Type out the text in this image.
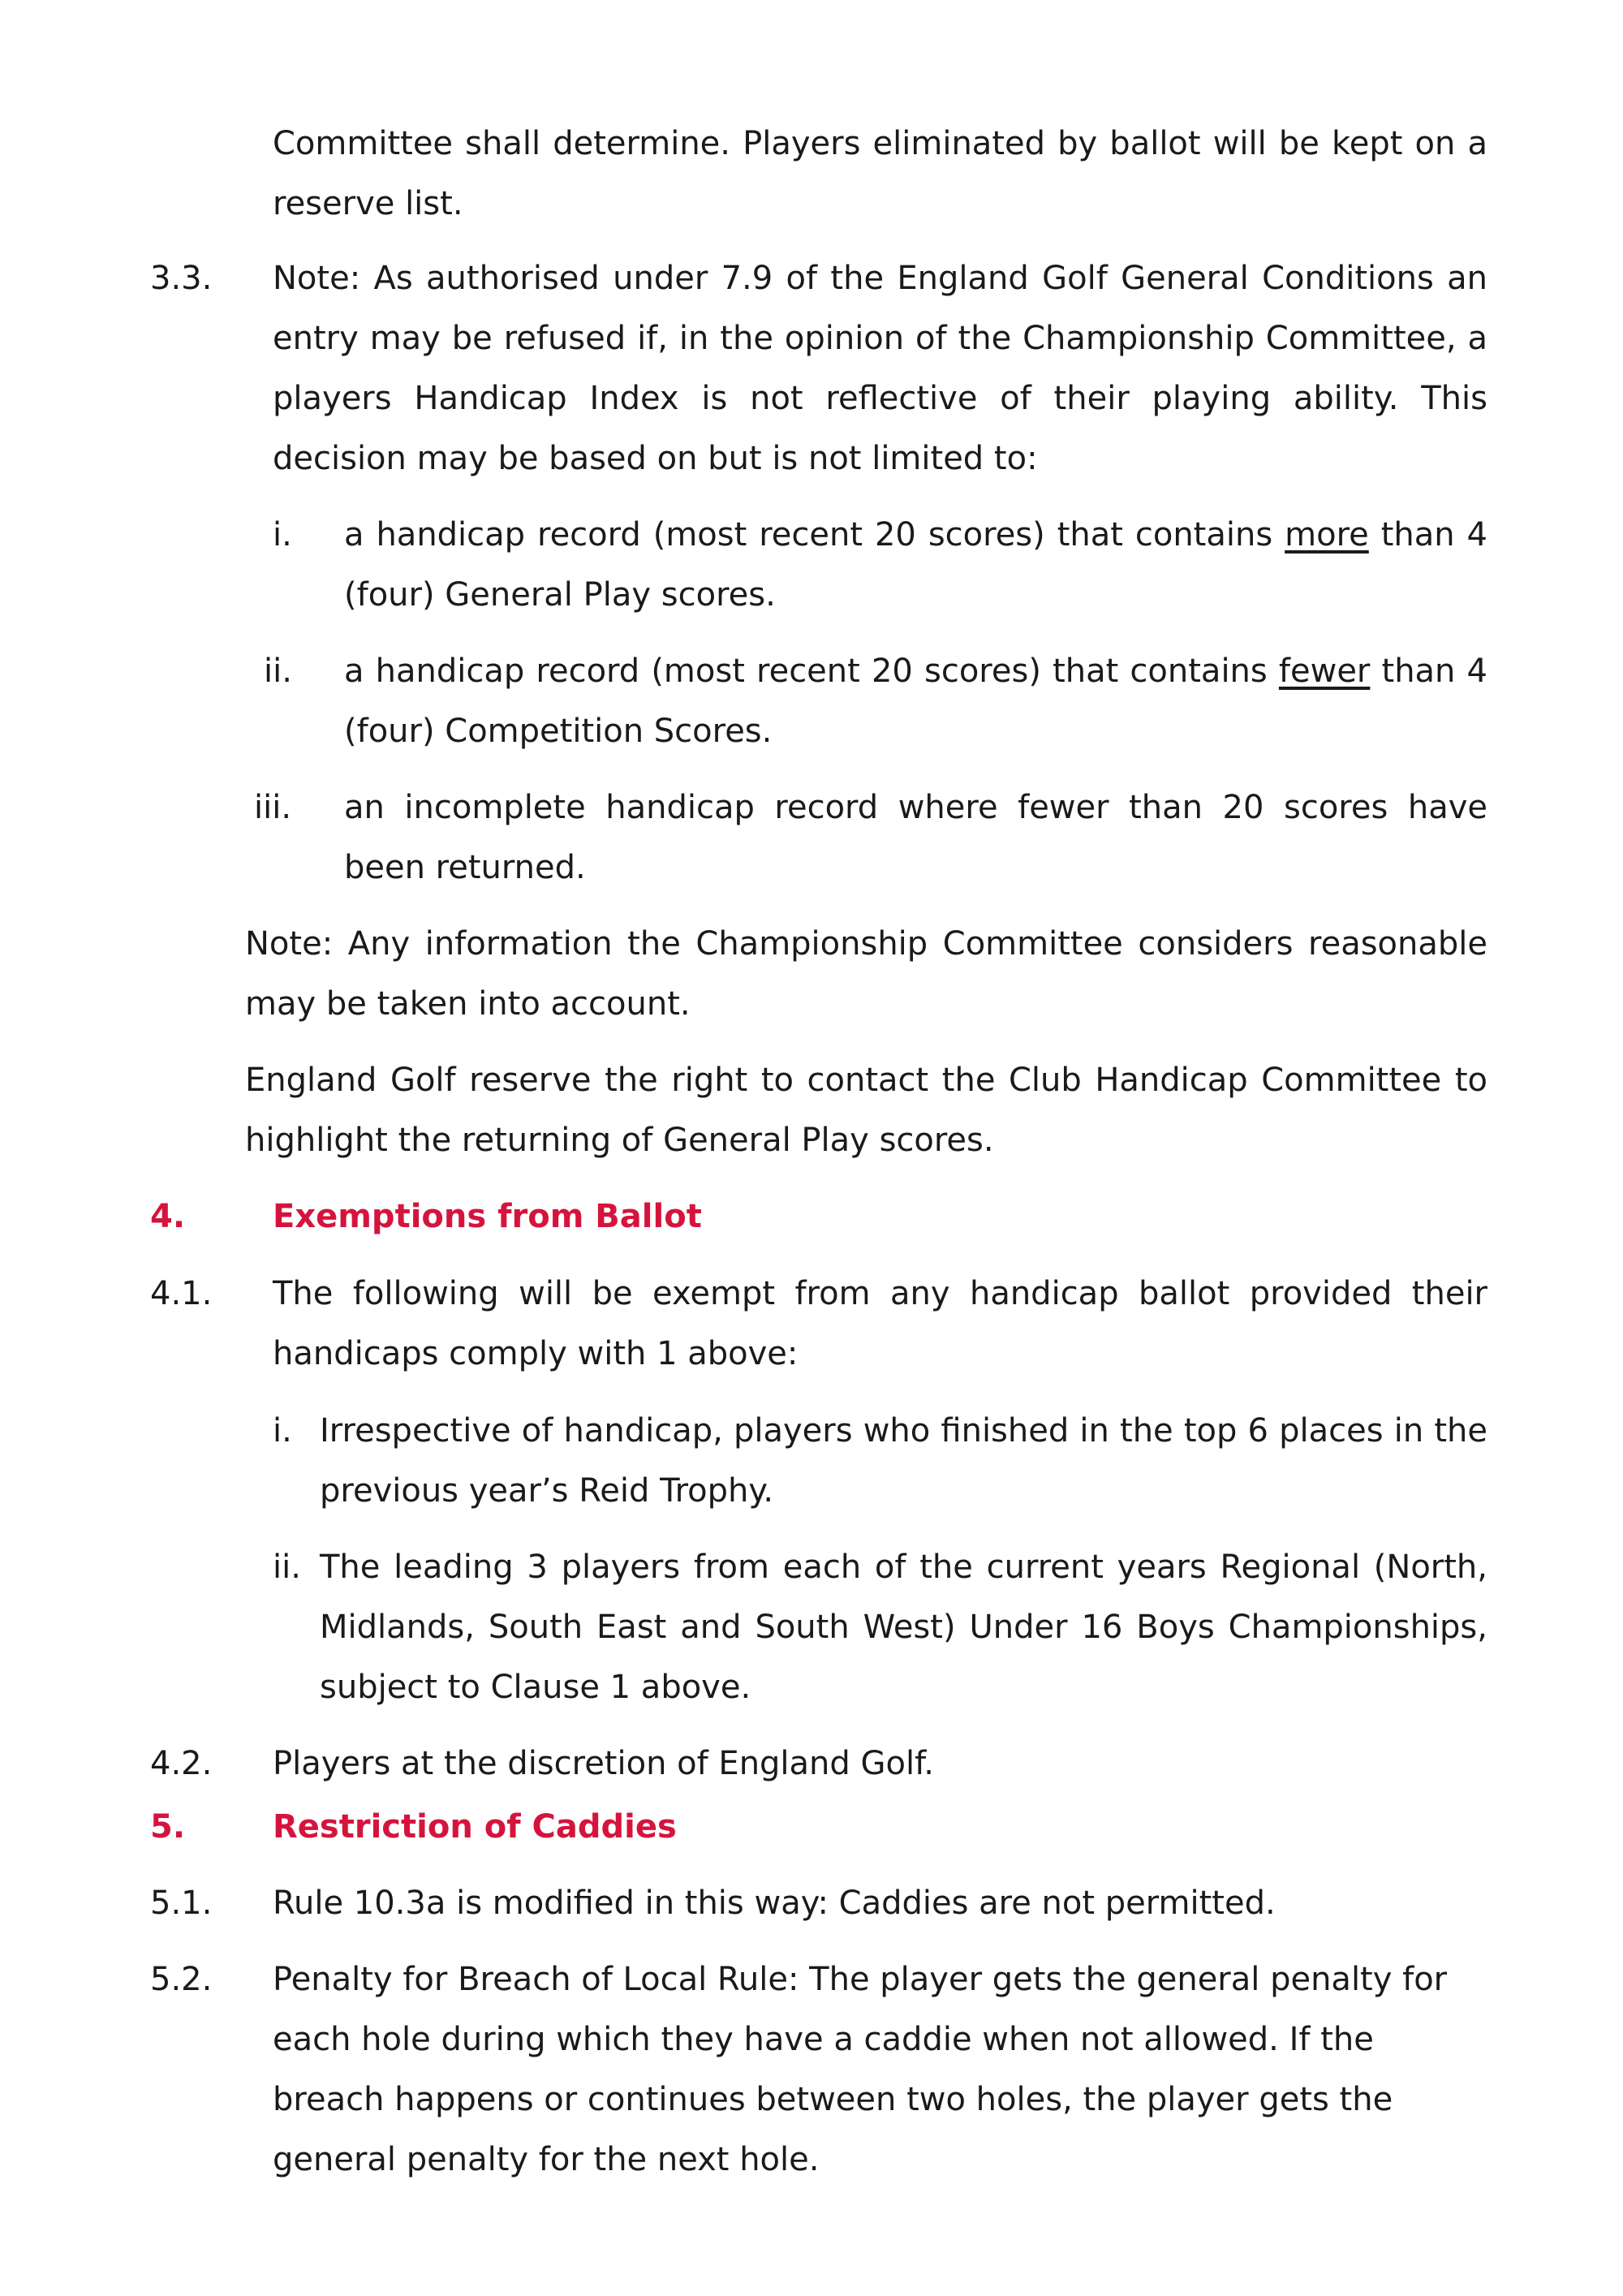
Committee shall determine. Players eliminated by ballot will be kept on a reserve list.

3.3. Note: As authorised under 7.9 of the England Golf General Conditions an entry may be refused if, in the opinion of the Championship Committee, a players Handicap Index is not reflective of their playing ability. This decision may be based on but is not limited to:

i. a handicap record (most recent 20 scores) that contains more than 4 (four) General Play scores.

ii. a handicap record (most recent 20 scores) that contains fewer than 4 (four) Competition Scores.

iii. an incomplete handicap record where fewer than 20 scores have been returned.

Note: Any information the Championship Committee considers reasonable may be taken into account.

England Golf reserve the right to contact the Club Handicap Committee to highlight the returning of General Play scores.

4.	Exemptions from Ballot
4.1. The following will be exempt from any handicap ballot provided their handicaps comply with 1 above:

i. Irrespective of handicap, players who finished in the top 6 places in the previous year’s Reid Trophy.

ii. The leading 3 players from each of the current years Regional (North, Midlands, South East and South West) Under 16 Boys Championships, subject to Clause 1 above.

4.2. Players at the discretion of England Golf.
5.	Restriction of Caddies
5.1. Rule 10.3a is modified in this way: Caddies are not permitted.
5.2. Penalty for Breach of Local Rule: The player gets the general penalty for each hole during which they have a caddie when not allowed. If the breach happens or continues between two holes, the player gets the general penalty for the next hole.
